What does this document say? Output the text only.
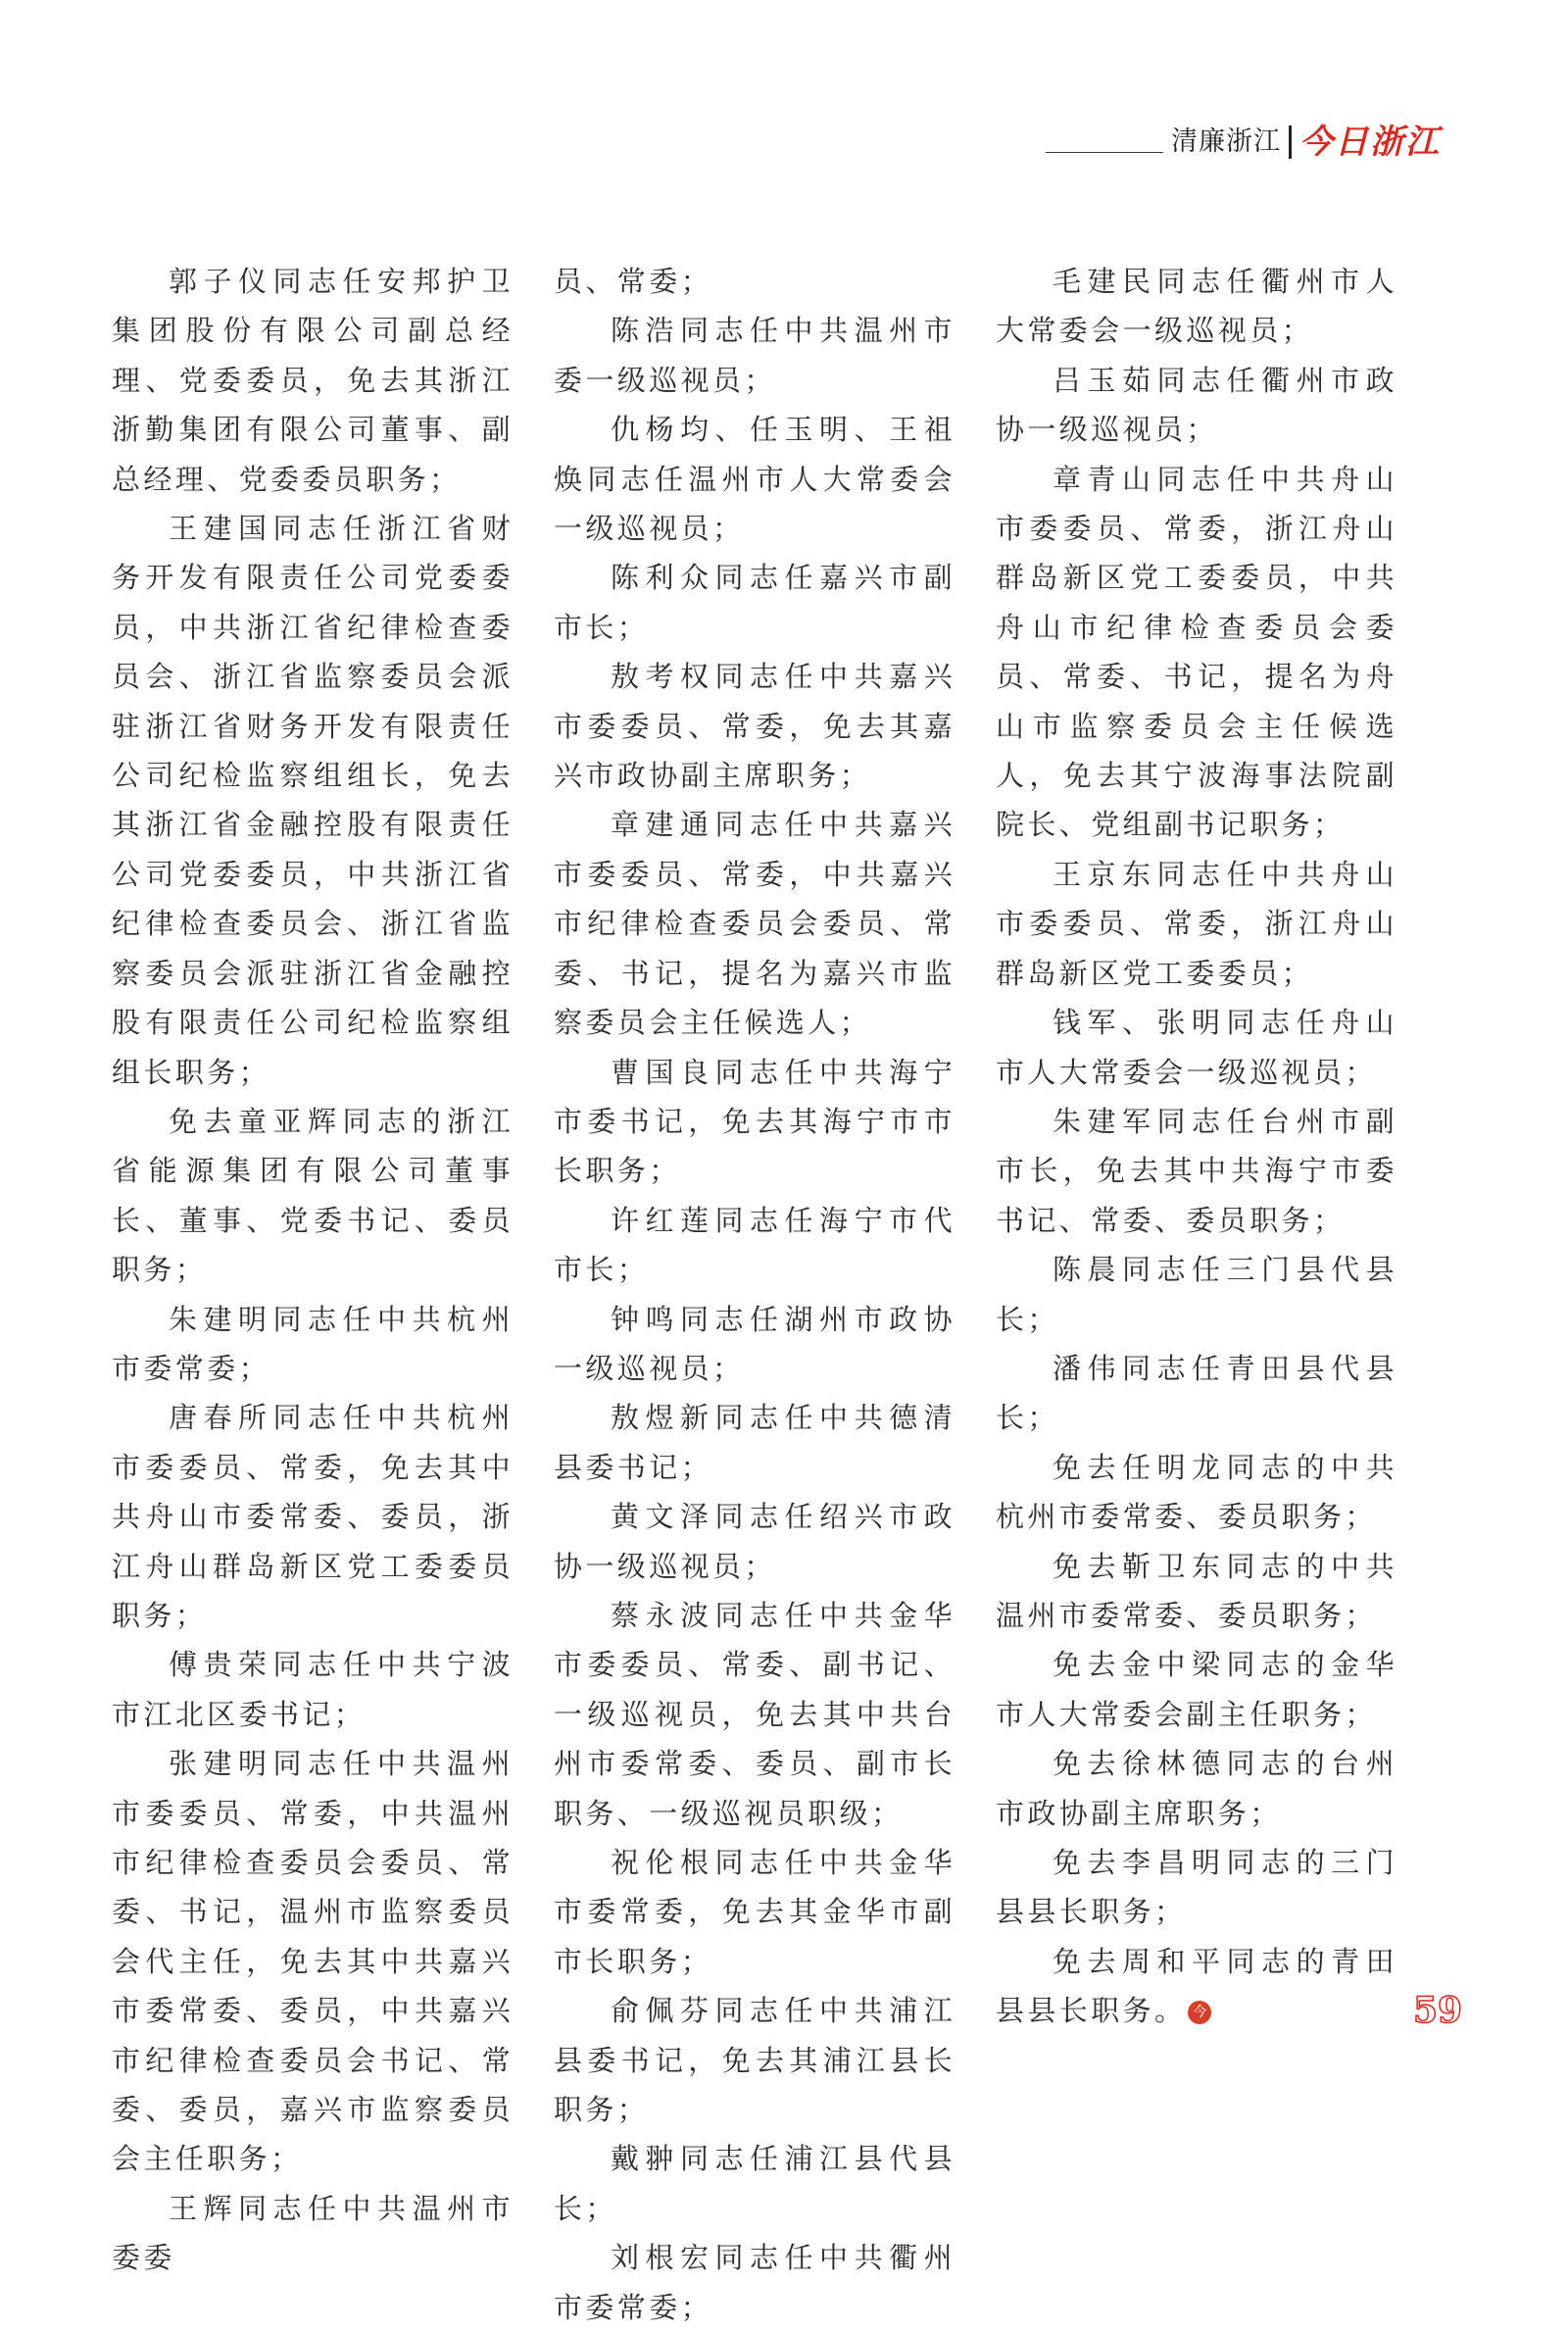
清廉浙江 今日浙江

郭子仪同志任安邦护卫集团股份有限公司副总经理、党委委员，免去其浙江浙勤集团有限公司董事、副总经理、党委委员职务；

王建国同志任浙江省财务开发有限责任公司党委委员，中共浙江省纪律检查委员会、浙江省监察委员会派驻浙江省财务开发有限责任公司纪检监察组组长，免去其浙江省金融控股有限责任公司党委委员，中共浙江省纪律检查委员会、浙江省监察委员会派驻浙江省金融控股有限责任公司纪检监察组组长职务；

免去童亚辉同志的浙江省能源集团有限公司董事长、董事、党委书记、委员职务；

朱建明同志任中共杭州市委常委；

唐春所同志任中共杭州市委委员、常委，免去其中共舟山市委常委、委员，浙江舟山群岛新区党工委委员职务；

傅贵荣同志任中共宁波市江北区委书记；

张建明同志任中共温州市委委员、常委，中共温州市纪律检查委员会委员、常委、书记，温州市监察委员会代主任，免去其中共嘉兴市委常委、委员，中共嘉兴市纪律检查委员会书记、常委、委员，嘉兴市监察委员会主任职务；

王辉同志任中共温州市委委

员、常委；

陈浩同志任中共温州市委一级巡视员；

仇杨均、任玉明、王祖焕同志任温州市人大常委会一级巡视员；

陈利众同志任嘉兴市副市长；

敖考权同志任中共嘉兴市委委员、常委，免去其嘉兴市政协副主席职务；

章建通同志任中共嘉兴市委委员、常委，中共嘉兴市纪律检查委员会委员、常委、书记，提名为嘉兴市监察委员会主任候选人；

曹国良同志任中共海宁市委书记，免去其海宁市市长职务；

许红莲同志任海宁市代市长；

钟鸣同志任湖州市政协一级巡视员；

敖煜新同志任中共德清县委书记；

黄文泽同志任绍兴市政协一级巡视员；

蔡永波同志任中共金华市委委员、常委、副书记、一级巡视员，免去其中共台州市委常委、委员、副市长职务、一级巡视员职级；

祝伦根同志任中共金华市委常委，免去其金华市副市长职务；

俞佩芬同志任中共浦江县委书记，免去其浦江县长职务；

戴翀同志任浦江县代县长；

刘根宏同志任中共衢州市委常委；

毛建民同志任衢州市人大常委会一级巡视员；

吕玉茹同志任衢州市政协一级巡视员；

章青山同志任中共舟山市委委员、常委，浙江舟山群岛新区党工委委员，中共舟山市纪律检查委员会委员、常委、书记，提名为舟山市监察委员会主任候选人，免去其宁波海事法院副院长、党组副书记职务；

王京东同志任中共舟山市委委员、常委，浙江舟山群岛新区党工委委员；

钱军、张明同志任舟山市人大常委会一级巡视员；

朱建军同志任台州市副市长，免去其中共海宁市委书记、常委、委员职务；

陈晨同志任三门县代县长；

潘伟同志任青田县代县长；

免去任明龙同志的中共杭州市委常委、委员职务；

免去靳卫东同志的中共温州市委常委、委员职务；

免去金中梁同志的金华市人大常委会副主任职务；

免去徐林德同志的台州市政协副主席职务；

免去李昌明同志的三门县县长职务；

免去周和平同志的青田县县长职务。 今	59
